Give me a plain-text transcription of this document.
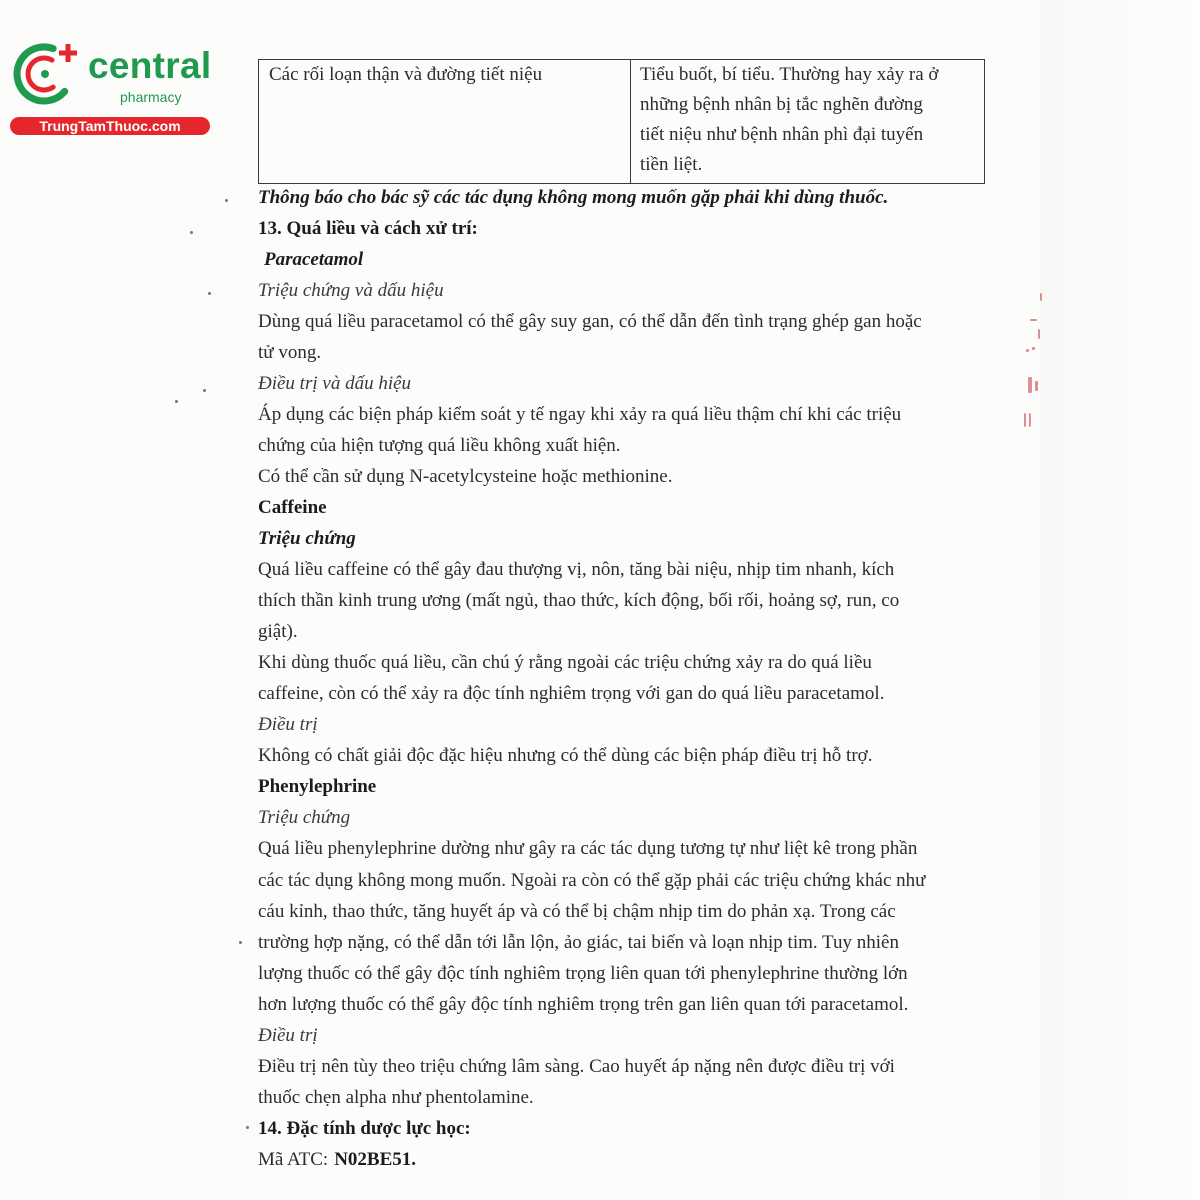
central
pharmacy
TrungTamThuoc.com
Các rối loạn thận và đường tiết niệu	Tiểu buốt, bí tiểu. Thường hay xảy ra ở
những bệnh nhân bị tắc nghẽn đường
tiết niệu như bệnh nhân phì đại tuyến
tiền liệt.
Thông báo cho bác sỹ các tác dụng không mong muốn gặp phải khi dùng thuốc.
13. Quá liều và cách xử trí:
Paracetamol
Triệu chứng và dấu hiệu
Dùng quá liều paracetamol có thể gây suy gan, có thể dẫn đến tình trạng ghép gan hoặc
tử vong.
Điều trị và dấu hiệu
Áp dụng các biện pháp kiểm soát y tế ngay khi xảy ra quá liều thậm chí khi các triệu
chứng của hiện tượng quá liều không xuất hiện.
Có thể cần sử dụng N-acetylcysteine hoặc methionine.
Caffeine
Triệu chứng
Quá liều caffeine có thể gây đau thượng vị, nôn, tăng bài niệu, nhịp tim nhanh, kích
thích thần kinh trung ương (mất ngủ, thao thức, kích động, bối rối, hoảng sợ, run, co
giật).
Khi dùng thuốc quá liều, cần chú ý rằng ngoài các triệu chứng xảy ra do quá liều
caffeine, còn có thể xảy ra độc tính nghiêm trọng với gan do quá liều paracetamol.
Điều trị
Không có chất giải độc đặc hiệu nhưng có thể dùng các biện pháp điều trị hỗ trợ.
Phenylephrine
Triệu chứng
Quá liều phenylephrine dường như gây ra các tác dụng tương tự như liệt kê trong phần
các tác dụng không mong muốn. Ngoài ra còn có thể gặp phải các triệu chứng khác như
cáu kỉnh, thao thức, tăng huyết áp và có thể bị chậm nhịp tim do phản xạ. Trong các
trường hợp nặng, có thể dẫn tới lẫn lộn, ảo giác, tai biến và loạn nhịp tim. Tuy nhiên
lượng thuốc có thể gây độc tính nghiêm trọng liên quan tới phenylephrine thường lớn
hơn lượng thuốc có thể gây độc tính nghiêm trọng trên gan liên quan tới paracetamol.
Điều trị
Điều trị nên tùy theo triệu chứng lâm sàng. Cao huyết áp nặng nên được điều trị với
thuốc chẹn alpha như phentolamine.
14. Đặc tính dược lực học:
Mã ATC: N02BE51.
